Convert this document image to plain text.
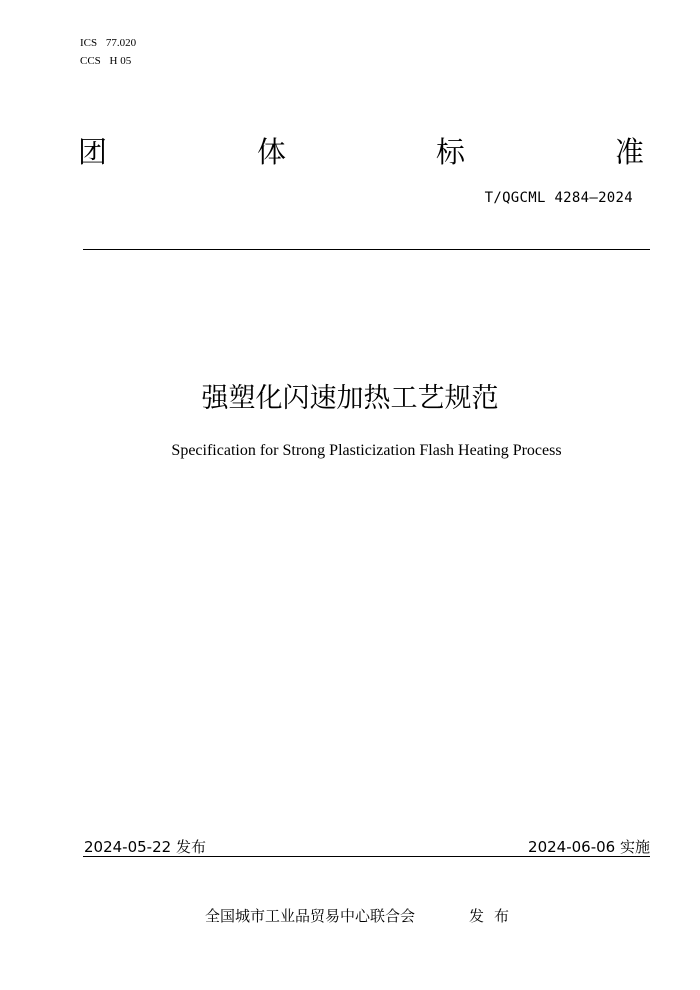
ICS 77.020
CCS H 05
团	体	标	准
T/QGCML 4284—2024
强塑化闪速加热工艺规范
Specification for Strong Plasticization Flash Heating Process
2024-05-22 发布	2024-06-06 实施
全国城市工业品贸易中心联合会	发布
